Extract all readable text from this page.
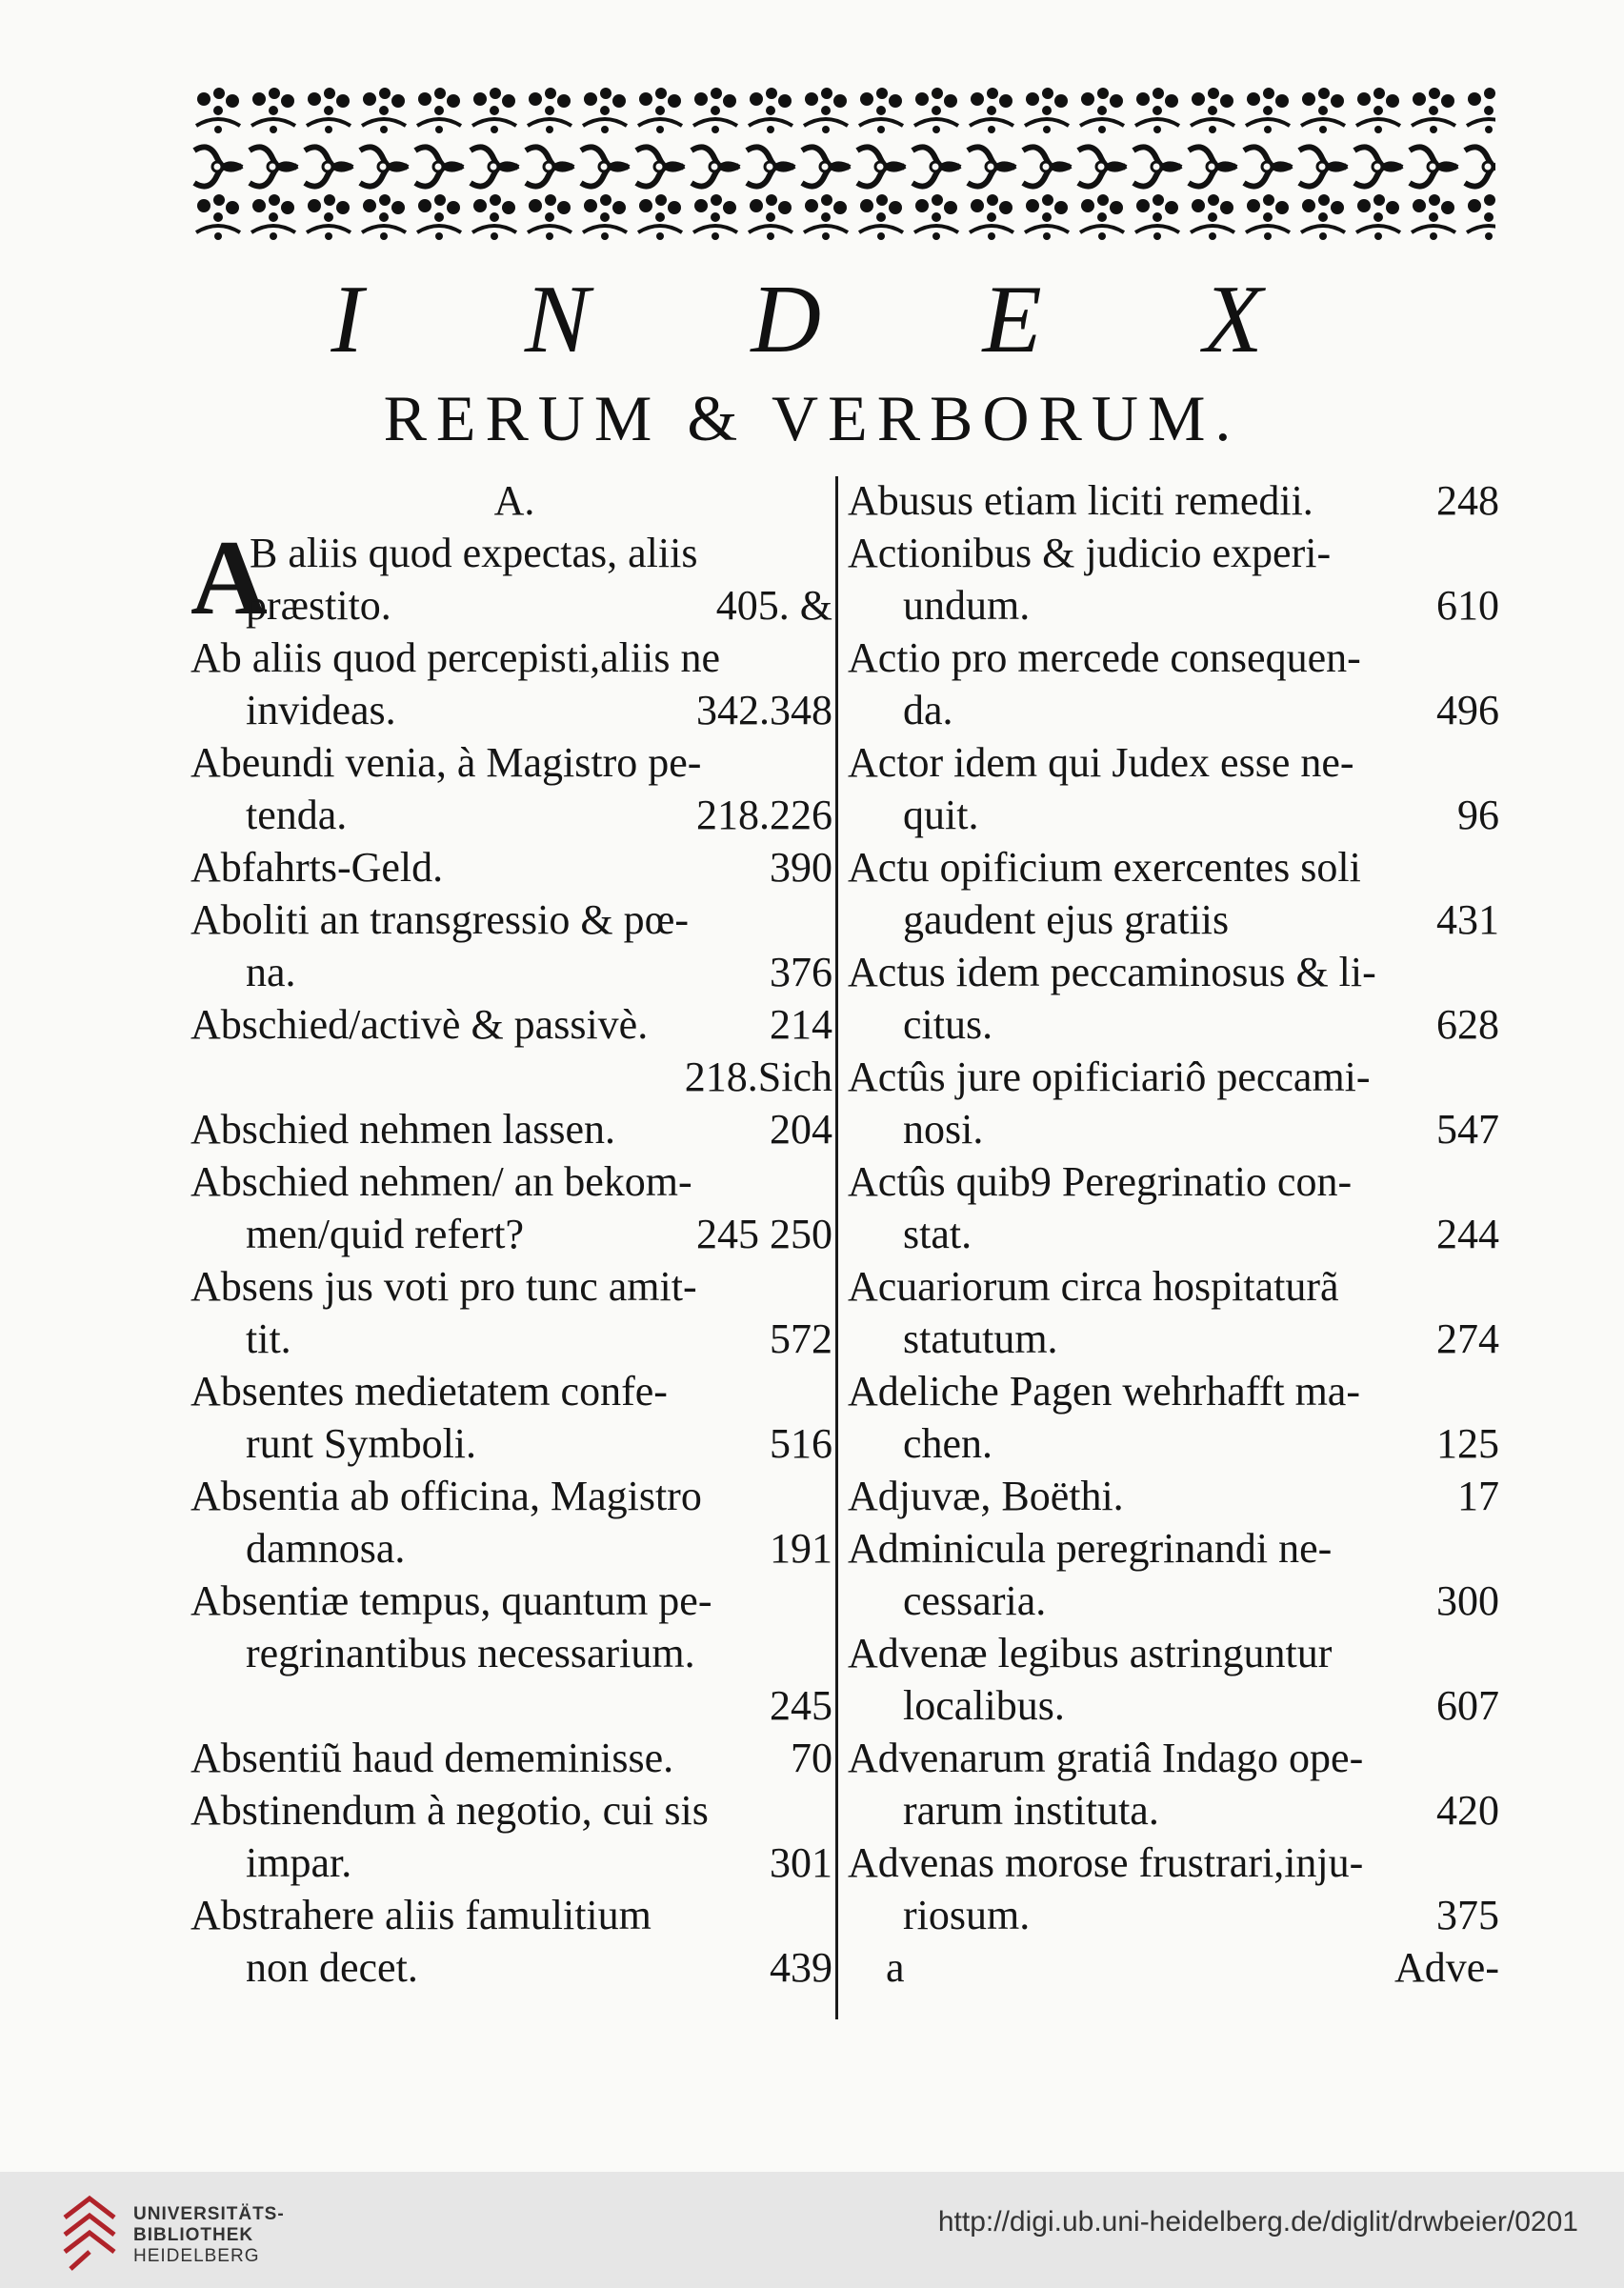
I N D E X
RERUM & VERBORUM.
A.
A
B aliis quod expectas, aliis
præstito.	405. &
Ab aliis quod percepisti,aliis ne
invideas.	342.348
Abeundi venia, à Magistro pe-
tenda.	218.226
Abfahrts-Geld.	390
Aboliti an transgressio & pœ-
na.	376
Abschied/activè & passivè.	214
218.Sich
Abschied nehmen lassen.	204
Abschied nehmen/ an bekom-
men/quid refert?	245 250
Absens jus voti pro tunc amit-
tit.	572
Absentes medietatem confe-
runt Symboli.	516
Absentia ab officina, Magistro
damnosa.	191
Absentiæ tempus, quantum pe-
regrinantibus necessarium.
245
Absentiũ haud dememinisse.	70
Abstinendum à negotio, cui sis
impar.	301
Abstrahere aliis famulitium
non decet.	439
Abusus etiam liciti remedii.	248
Actionibus & judicio experi-
undum.	610
Actio pro mercede consequen-
da.	496
Actor idem qui Judex esse ne-
quit.	96
Actu opificium exercentes soli
gaudent ejus gratiis	431
Actus idem peccaminosus & li-
citus.	628
Actûs jure opificiariô peccami-
nosi.	547
Actûs quib9 Peregrinatio con-
stat.	244
Acuariorum circa hospitaturã
statutum.	274
Adeliche Pagen wehrhafft ma-
chen.	125
Adjuvæ, Boëthi.	17
Adminicula peregrinandi ne-
cessaria.	300
Advenæ legibus astringuntur
localibus.	607
Advenarum gratiâ Indago ope-
rarum instituta.	420
Advenas morose frustrari,inju-
riosum.	375
a	Adve-
UNIVERSITÄTS-
BIBLIOTHEK
HEIDELBERG
http://digi.ub.uni-heidelberg.de/diglit/drwbeier/0201
